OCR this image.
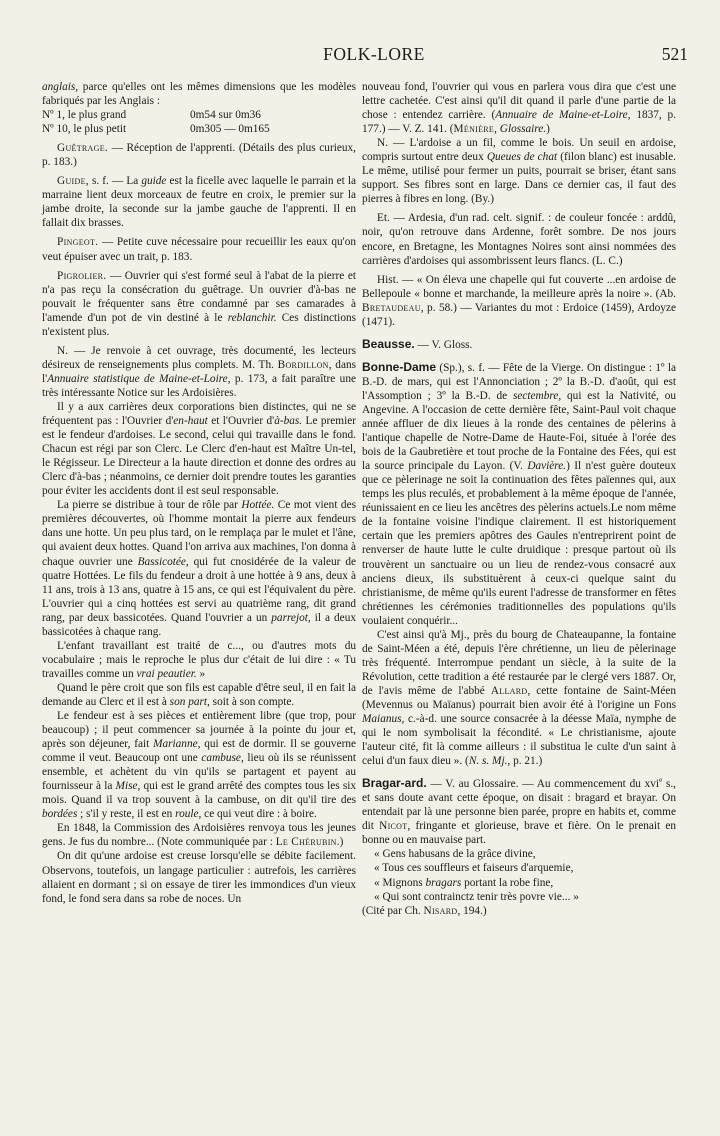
FOLK-LORE	521

anglais, parce qu'elles ont les mêmes dimensions que les modèles fabriqués par les Anglais :

Nº 1, le plus grand	0m54 sur 0m36

Nº 10, le plus petit	0m305 — 0m165

Guêtrage. — Réception de l'apprenti. (Détails des plus curieux, p. 183.)

Guide, s. f. — La guide est la ficelle avec laquelle le parrain et la marraine lient deux morceaux de feutre en croix, le premier sur la jambe droite, la seconde sur la jambe gauche de l'apprenti. Il en fallait dix brasses.

Pingeot. — Petite cuve nécessaire pour recueillir les eaux qu'on veut épuiser avec un trait, p. 183.

Pigrolier. — Ouvrier qui s'est formé seul à l'abat de la pierre et n'a pas reçu la consécration du guêtrage. Un ouvrier d'à-bas ne pouvait le fréquenter sans être condamné par ses camarades à l'amende d'un pot de vin destiné à le reblanchir. Ces distinctions n'existent plus.

N. — Je renvoie à cet ouvrage, très documenté, les lecteurs désireux de renseignements plus complets. M. Th. Bordillon, dans l'Annuaire statistique de Maine-et-Loire, p. 173, a fait paraître une très intéressante Notice sur les Ardoisières.

Il y a aux carrières deux corporations bien distinctes, qui ne se fréquentent pas : l'Ouvrier d'en-haut et l'Ouvrier d'à-bas. Le premier est le fendeur d'ardoises. Le second, celui qui travaille dans le fond. Chacun est régi par son Clerc. Le Clerc d'en-haut est Maître Un-tel, le Régisseur. Le Directeur a la haute direction et donne des ordres au Clerc d'à-bas ; néanmoins, ce dernier doit prendre toutes les garanties pour éviter les accidents dont il est seul responsable.

La pierre se distribue à tour de rôle par Hottée. Ce mot vient des premières découvertes, où l'homme montait la pierre aux fendeurs dans une hotte. Un peu plus tard, on le remplaça par le mulet et l'âne, qui avaient deux hottes. Quand l'on arriva aux machines, l'on donna à chaque ouvrier une Bassicotée, qui fut cnosidérée de la valeur de quatre Hottées. Le fils du fendeur a droit à une hottée à 9 ans, deux à 11 ans, trois à 13 ans, quatre à 15 ans, ce qui est l'équivalent du père. L'ouvrier qui a cinq hottées est servi au quatrième rang, dit grand rang, par deux bassicotées. Quand l'ouvrier a un parrejot, il a deux bassicotées à chaque rang.

L'enfant travaillant est traité de c..., ou d'autres mots du vocabulaire ; mais le reproche le plus dur c'était de lui dire : « Tu travailles comme un vrai peautier. »

Quand le père croit que son fils est capable d'être seul, il en fait la demande au Clerc et il est à son part, soit à son compte.

Le fendeur est à ses pièces et entièrement libre (que trop, pour beaucoup) ; il peut commencer sa journée à la pointe du jour et, après son déjeuner, fait Marianne, qui est de dormir. Il se gouverne comme il veut. Beaucoup ont une cambuse, lieu où ils se réunissent ensemble, et achètent du vin qu'ils se partagent et payent au fournisseur à la Mise, qui est le grand arrêté des comptes tous les six mois. Quand il va trop souvent à la cambuse, on dit qu'il tire des bordées ; s'il y reste, il est en roule, ce qui veut dire : à boire.

En 1848, la Commission des Ardoisières renvoya tous les jeunes gens. Je fus du nombre... (Note communiquée par : Le Chérubin.)

On dit qu'une ardoise est creuse lorsqu'elle se débite facilement. Observons, toutefois, un langage particulier : autrefois, les carrières allaient en dormant ; si on essaye de tirer les immondices d'un vieux fond, le fond sera dans sa robe de noces. Un

nouveau fond, l'ouvrier qui vous en parlera vous dira que c'est une lettre cachetée. C'est ainsi qu'il dit quand il parle d'une partie de la chose : entendez carrière. (Annuaire de Maine-et-Loire, 1837, p. 177.) — V. Z. 141. (Ménière, Glossaire.)

N. — L'ardoise a un fil, comme le bois. Un seuil en ardoise, compris surtout entre deux Queues de chat (filon blanc) est inusable. Le même, utilisé pour fermer un puits, pourrait se briser, étant sans support. Ses fibres sont en large. Dans ce dernier cas, il faut des pierres à fibres en long. (By.)

Et. — Ardesia, d'un rad. celt. signif. : de couleur foncée : arddû, noir, qu'on retrouve dans Ardenne, forêt sombre. De nos jours encore, en Bretagne, les Montagnes Noires sont ainsi nommées des carrières d'ardoises qui assombrissent leurs flancs. (L. C.)

Hist. — « On éleva une chapelle qui fut couverte ...en ardoise de Bellepoule « bonne et marchande, la meilleure après la noire ». (Ab. Bretaudeau, p. 58.) — Variantes du mot : Erdoice (1459), Ardoyze (1471).

Beausse. — V. Gloss.

Bonne-Dame (Sp.), s. f. — Fête de la Vierge. On distingue : 1º la B.-D. de mars, qui est l'Annonciation ; 2º la B.-D. d'août, qui est l'Assomption ; 3º la B.-D. de sectembre, qui est la Nativité, ou Angevine. A l'occasion de cette dernière fête, Saint-Paul voit chaque année affluer de dix lieues à la ronde des centaines de pèlerins à l'antique chapelle de Notre-Dame de Haute-Foi, située à l'orée des bois de la Gaubretière et tout proche de la Fontaine des Fées, qui est la source principale du Layon. (V. Davière.) Il n'est guère douteux que ce pèlerinage ne soit la continuation des fêtes païennes qui, aux temps les plus reculés, et probablement à la même époque de l'année, réunissaient en ce lieu les ancêtres des pèlerins actuels.Le nom même de la fontaine voisine l'indique clairement. Il est historiquement certain que les premiers apôtres des Gaules n'entreprirent point de renverser de haute lutte le culte druidique : presque partout où ils trouvèrent un sanctuaire ou un lieu de rendez-vous consacré aux anciens dieux, ils substituèrent à ceux-ci quelque saint du christianisme, de même qu'ils eurent l'adresse de transformer en fêtes chrétiennes les cérémonies traditionnelles des populations qu'ils voulaient conquérir...

C'est ainsi qu'à Mj., près du bourg de Chateaupanne, la fontaine de Saint-Méen a été, depuis l'ère chrétienne, un lieu de pèlerinage très fréquenté. Interrompue pendant un siècle, à la suite de la Révolution, cette tradition a été restaurée par le clergé vers 1887. Or, de l'avis même de l'abbé Allard, cette fontaine de Saint-Méen (Mevennus ou Maïanus) pourrait bien avoir été à l'origine un Fons Maianus, c.-à-d. une source consacrée à la déesse Maïa, nymphe de qui le nom symbolisait la fécondité. « Le christianisme, ajoute l'auteur cité, fit là comme ailleurs : il substitua le culte d'un saint à celui d'un faux dieu ». (N. s. Mj., p. 21.)

Bragar-ard. — V. au Glossaire. — Au commencement du xvi$^e$ s., et sans doute avant cette époque, on disait : bragard et brayar. On entendait par là une personne bien parée, propre en habits et, comme dit Nicot, fringante et glorieuse, brave et fière. On le prenait en bonne ou en mauvaise part.

« Gens habusans de la grâce divine,

« Tous ces souffleurs et faiseurs d'arquemie,

« Mignons bragars portant la robe fine,

« Qui sont contrainctz tenir très povre vie... »

(Cité par Ch. Nisard, 194.)
